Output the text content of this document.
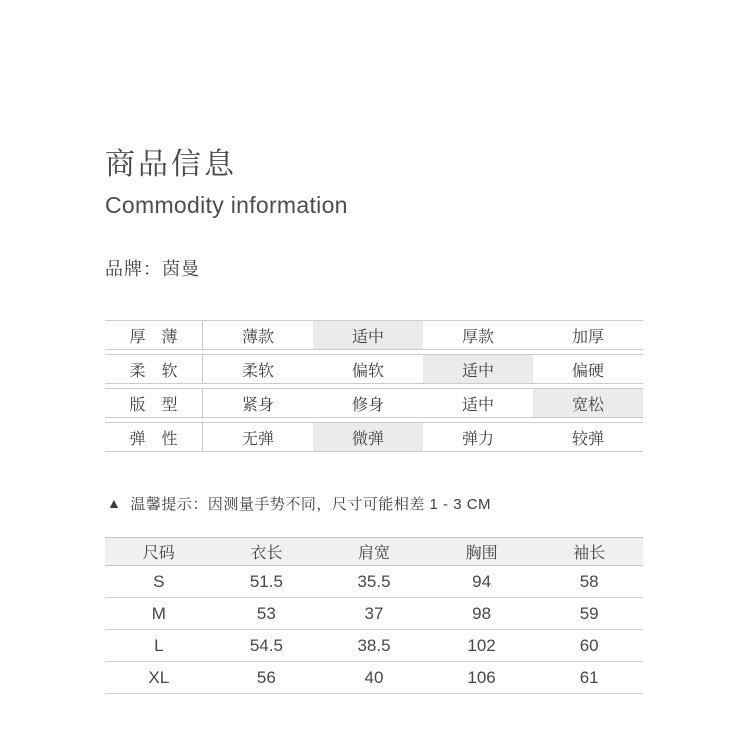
商品信息
Commodity information
品牌：茵曼
厚　薄	薄款	适中	厚款	加厚
柔　软	柔软	偏软	适中	偏硬
版　型	紧身	修身	适中	宽松
弹　性	无弹	微弹	弹力	较弹
▲ 温馨提示：因测量手势不同，尺寸可能相差 1 - 3 CM
尺码	衣长	肩宽	胸围	袖长
S	51.5	35.5	94	58
M	53	37	98	59
L	54.5	38.5	102	60
XL	56	40	106	61
